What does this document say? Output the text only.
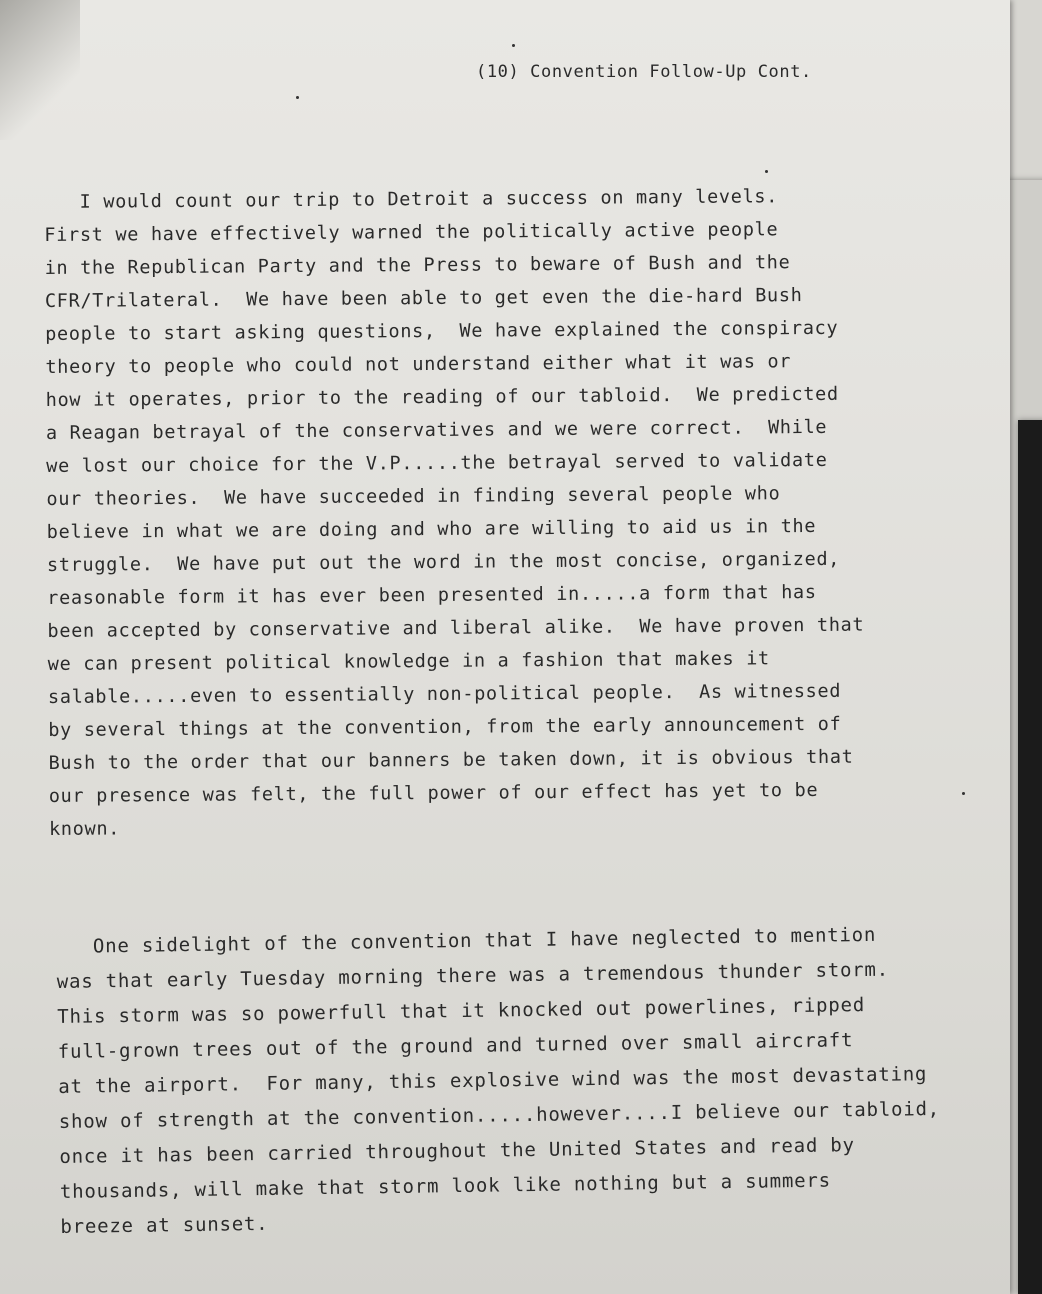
(10) Convention Follow-Up Cont.
I would count our trip to Detroit a success on many levels.
First we have effectively warned the politically active people
in the Republican Party and the Press to beware of Bush and the
CFR/Trilateral.  We have been able to get even the die-hard Bush
people to start asking questions,  We have explained the conspiracy
theory to people who could not understand either what it was or
how it operates, prior to the reading of our tabloid.  We predicted
a Reagan betrayal of the conservatives and we were correct.  While
we lost our choice for the V.P.....the betrayal served to validate
our theories.  We have succeeded in finding several people who
believe in what we are doing and who are willing to aid us in the
struggle.  We have put out the word in the most concise, organized,
reasonable form it has ever been presented in.....a form that has
been accepted by conservative and liberal alike.  We have proven that
we can present political knowledge in a fashion that makes it
salable.....even to essentially non-political people.  As witnessed
by several things at the convention, from the early announcement of
Bush to the order that our banners be taken down, it is obvious that
our presence was felt, the full power of our effect has yet to be
known.
One sidelight of the convention that I have neglected to mention
was that early Tuesday morning there was a tremendous thunder storm.
This storm was so powerfull that it knocked out powerlines, ripped
full-grown trees out of the ground and turned over small aircraft
at the airport.  For many, this explosive wind was the most devastating
show of strength at the convention.....however....I believe our tabloid,
once it has been carried throughout the United States and read by
thousands, will make that storm look like nothing but a summers
breeze at sunset.
